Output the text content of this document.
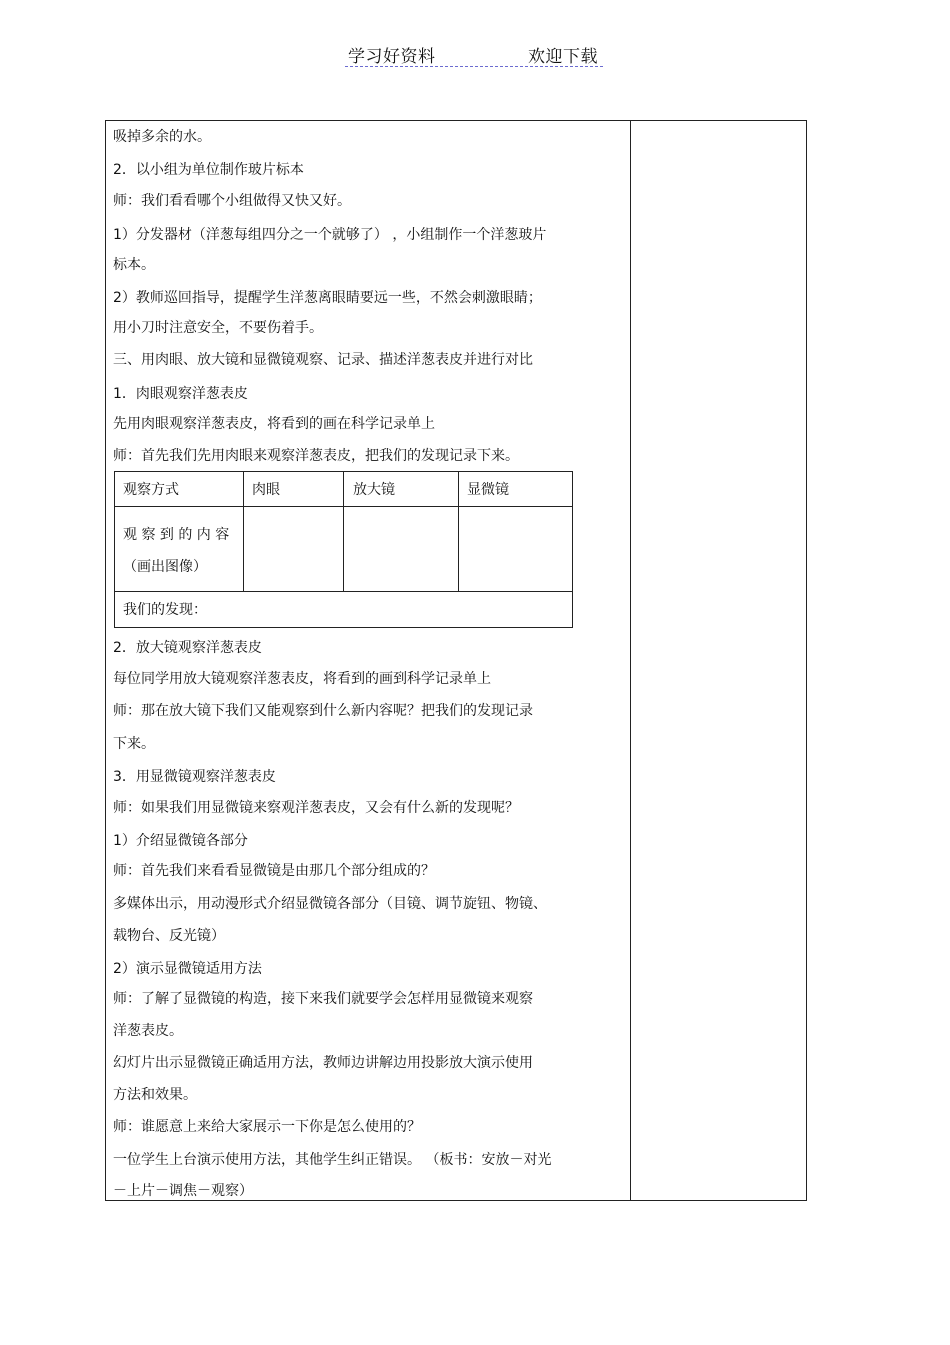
学习好资料	欢迎下载
吸掉多余的水。
2．以小组为单位制作玻片标本
师：我们看看哪个小组做得又快又好。
1）分发器材（洋葱每组四分之一个就够了） ，小组制作一个洋葱玻片
标本。
2）教师巡回指导，提醒学生洋葱离眼睛要远一些，不然会刺激眼睛；
用小刀时注意安全，不要伤着手。
三、用肉眼、放大镜和显微镜观察、记录、描述洋葱表皮并进行对比
1．肉眼观察洋葱表皮
先用肉眼观察洋葱表皮，将看到的画在科学记录单上
师：首先我们先用肉眼来观察洋葱表皮，把我们的发现记录下来。
观察方式	肉眼	放大镜	显微镜
观 察 到 的 内 容
（画出图像）
我们的发现：
2．放大镜观察洋葱表皮
每位同学用放大镜观察洋葱表皮，将看到的画到科学记录单上
师：那在放大镜下我们又能观察到什么新内容呢？把我们的发现记录
下来。
3．用显微镜观察洋葱表皮
师：如果我们用显微镜来察观洋葱表皮，又会有什么新的发现呢？
1）介绍显微镜各部分
师：首先我们来看看显微镜是由那几个部分组成的？
多媒体出示，用动漫形式介绍显微镜各部分（目镜、调节旋钮、物镜、
载物台、反光镜）
2）演示显微镜适用方法
师：了解了显微镜的构造，接下来我们就要学会怎样用显微镜来观察
洋葱表皮。
幻灯片出示显微镜正确适用方法，教师边讲解边用投影放大演示使用
方法和效果。
师：谁愿意上来给大家展示一下你是怎么使用的？
一位学生上台演示使用方法，其他学生纠正错误。 （板书：安放－对光
－上片－调焦－观察）
